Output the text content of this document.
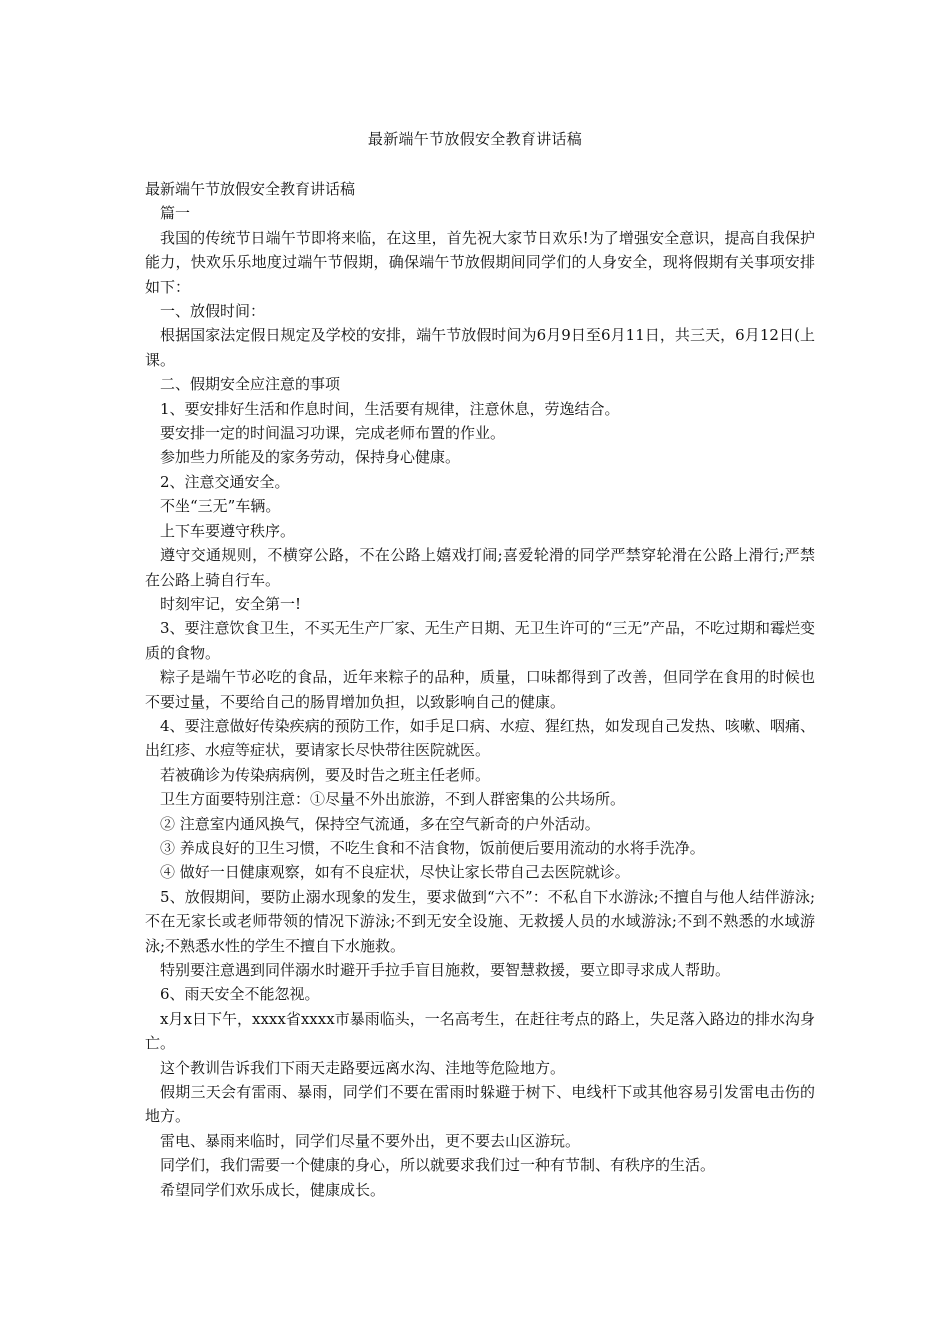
最新端午节放假安全教育讲话稿

最新端午节放假安全教育讲话稿

篇一

我国的传统节日端午节即将来临，在这里，首先祝大家节日欢乐!为了增强安全意识，提高自我保护能力，快欢乐乐地度过端午节假期，确保端午节放假期间同学们的人身安全，现将假期有关事项安排如下：

一、放假时间：

根据国家法定假日规定及学校的安排，端午节放假时间为6月9日至6月11日，共三天，6月12日(上课。

二、假期安全应注意的事项

1、要安排好生活和作息时间，生活要有规律，注意休息，劳逸结合。

要安排一定的时间温习功课，完成老师布置的作业。

参加些力所能及的家务劳动，保持身心健康。

2、注意交通安全。

不坐“三无”车辆。

上下车要遵守秩序。

遵守交通规则，不横穿公路，不在公路上嬉戏打闹;喜爱轮滑的同学严禁穿轮滑在公路上滑行;严禁在公路上骑自行车。

时刻牢记，安全第一!

3、要注意饮食卫生，不买无生产厂家、无生产日期、无卫生许可的“三无”产品，不吃过期和霉烂变质的食物。

粽子是端午节必吃的食品，近年来粽子的品种，质量，口味都得到了改善，但同学在食用的时候也不要过量，不要给自己的肠胃增加负担，以致影响自己的健康。

4、要注意做好传染疾病的预防工作，如手足口病、水痘、猩红热，如发现自己发热、咳嗽、咽痛、出红疹、水痘等症状，要请家长尽快带往医院就医。

若被确诊为传染病病例，要及时告之班主任老师。

卫生方面要特别注意：①尽量不外出旅游，不到人群密集的公共场所。

② 注意室内通风换气，保持空气流通，多在空气新奇的户外活动。

③ 养成良好的卫生习惯，不吃生食和不洁食物，饭前便后要用流动的水将手洗净。

④ 做好一日健康观察，如有不良症状，尽快让家长带自己去医院就诊。

5、放假期间，要防止溺水现象的发生，要求做到“六不”：不私自下水游泳;不擅自与他人结伴游泳;不在无家长或老师带领的情况下游泳;不到无安全设施、无救援人员的水域游泳;不到不熟悉的水域游泳;不熟悉水性的学生不擅自下水施救。

特别要注意遇到同伴溺水时避开手拉手盲目施救，要智慧救援，要立即寻求成人帮助。

6、雨天安全不能忽视。

x月x日下午，xxxx省xxxx市暴雨临头，一名高考生，在赶往考点的路上，失足落入路边的排水沟身亡。

这个教训告诉我们下雨天走路要远离水沟、洼地等危险地方。

假期三天会有雷雨、暴雨，同学们不要在雷雨时躲避于树下、电线杆下或其他容易引发雷电击伤的地方。

雷电、暴雨来临时，同学们尽量不要外出，更不要去山区游玩。

同学们，我们需要一个健康的身心，所以就要求我们过一种有节制、有秩序的生活。

希望同学们欢乐成长，健康成长。
